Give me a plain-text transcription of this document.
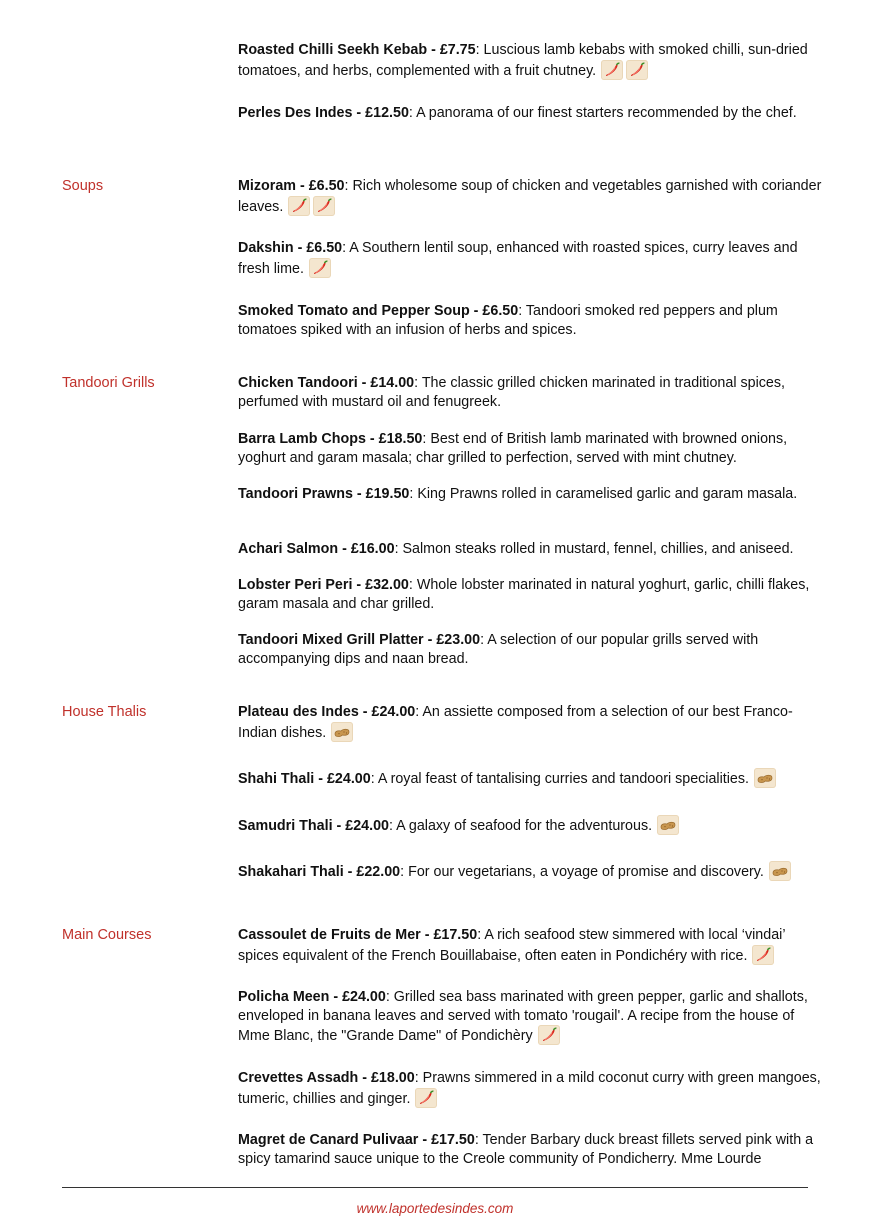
Soups
Tandoori Grills
House Thalis
Main Courses
Roasted Chilli Seekh Kebab - £7.75: Luscious lamb kebabs with smoked chilli, sun-dried tomatoes, and herbs, complemented with a fruit chutney.
Perles Des Indes - £12.50: A panorama of our finest starters recommended by the chef.
Mizoram - £6.50: Rich wholesome soup of chicken and vegetables garnished with coriander leaves.
Dakshin - £6.50: A Southern lentil soup, enhanced with roasted spices, curry leaves and fresh lime.
Smoked Tomato and Pepper Soup - £6.50: Tandoori smoked red peppers and plum tomatoes spiked with an infusion of herbs and spices.
Chicken Tandoori - £14.00: The classic grilled chicken marinated in traditional spices, perfumed with mustard oil and fenugreek.
Barra Lamb Chops - £18.50: Best end of British lamb marinated with browned onions, yoghurt and garam masala; char grilled to perfection, served with mint chutney.
Tandoori Prawns - £19.50: King Prawns rolled in caramelised garlic and garam masala.
Achari Salmon - £16.00: Salmon steaks rolled in mustard, fennel, chillies, and aniseed.
Lobster Peri Peri - £32.00: Whole lobster marinated in natural yoghurt, garlic, chilli flakes, garam masala and char grilled.
Tandoori Mixed Grill Platter - £23.00: A selection of our popular grills served with accompanying dips and naan bread.
Plateau des Indes - £24.00: An assiette composed from a selection of our best Franco-Indian dishes.
Shahi Thali - £24.00: A royal feast of tantalising curries and tandoori specialities.
Samudri Thali - £24.00: A galaxy of seafood for the adventurous.
Shakahari Thali - £22.00: For our vegetarians, a voyage of promise and discovery.
Cassoulet de Fruits de Mer - £17.50: A rich seafood stew simmered with local ‘vindai’ spices equivalent of the French Bouillabaise, often eaten in Pondichéry with rice.
Policha Meen - £24.00: Grilled sea bass marinated with green pepper, garlic and shallots, enveloped in banana leaves and served with tomato 'rougail'. A recipe from the house of Mme Blanc, the "Grande Dame" of Pondichèry
Crevettes Assadh - £18.00: Prawns simmered in a mild coconut curry with green mangoes, tumeric, chillies and ginger.
Magret de Canard Pulivaar - £17.50: Tender Barbary duck breast fillets served pink with a spicy tamarind sauce unique to the Creole community of Pondicherry. Mme Lourde
www.laportedesindes.com
